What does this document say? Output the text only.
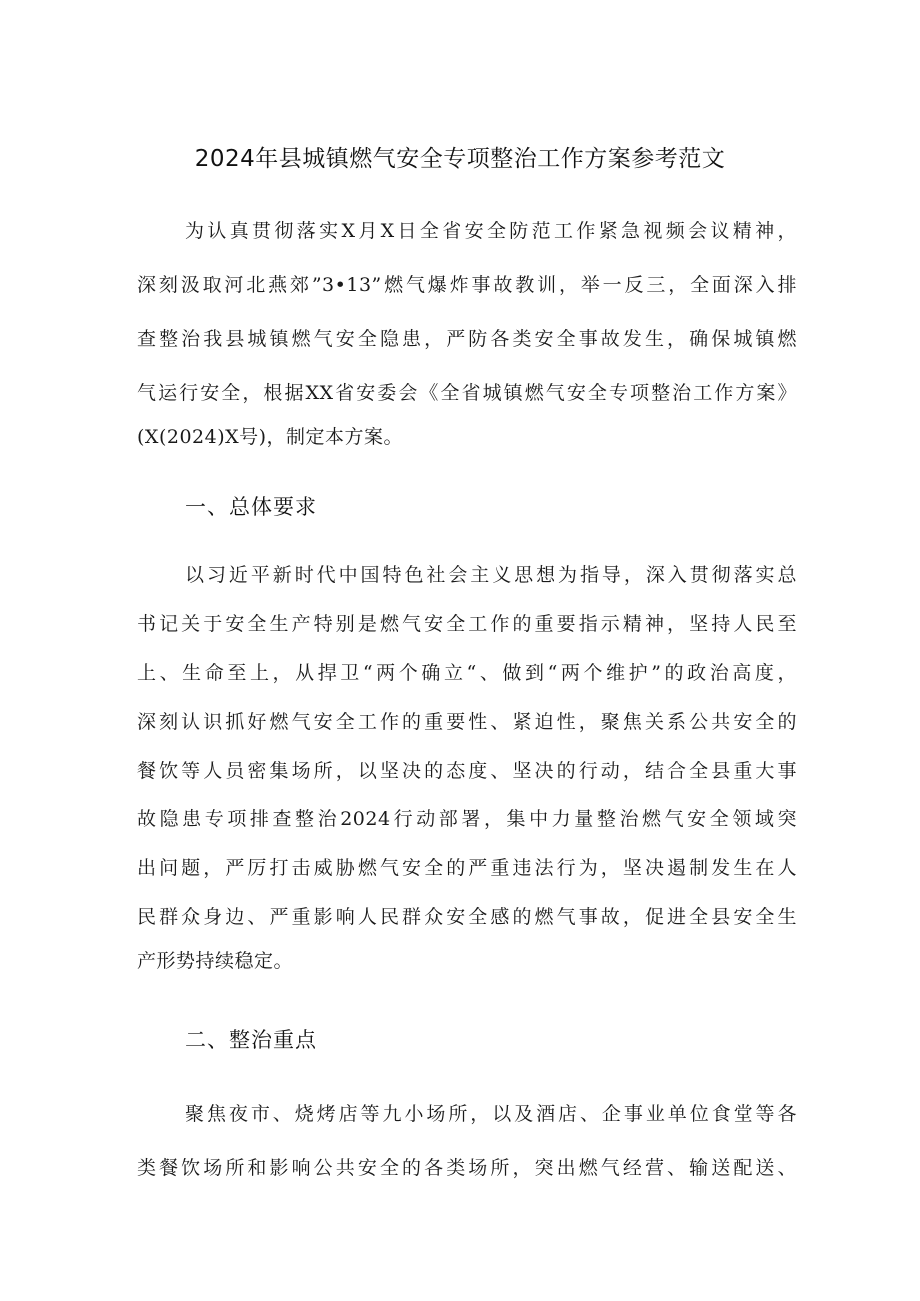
2024年县城镇燃气安全专项整治工作方案参考范文
为认真贯彻落实X月X日全省安全防范工作紧急视频会议精神，
深刻汲取河北燕郊”3•13”燃气爆炸事故教训，举一反三，全面深入排
查整治我县城镇燃气安全隐患，严防各类安全事故发生，确保城镇燃
气运行安全，根据XX省安委会《全省城镇燃气安全专项整治工作方案》
(X(2024)X号)，制定本方案。
一、总体要求
以习近平新时代中国特色社会主义思想为指导，深入贯彻落实总
书记关于安全生产特别是燃气安全工作的重要指示精神，坚持人民至
上、生命至上，从捍卫“两个确立“、做到“两个维护”的政治高度，
深刻认识抓好燃气安全工作的重要性、紧迫性，聚焦关系公共安全的
餐饮等人员密集场所，以坚决的态度、坚决的行动，结合全县重大事
故隐患专项排查整治2024行动部署，集中力量整治燃气安全领域突
出问题，严厉打击威胁燃气安全的严重违法行为，坚决遏制发生在人
民群众身边、严重影响人民群众安全感的燃气事故，促进全县安全生
产形势持续稳定。
二、整治重点
聚焦夜市、烧烤店等九小场所，以及酒店、企事业单位食堂等各
类餐饮场所和影响公共安全的各类场所，突出燃气经营、输送配送、
